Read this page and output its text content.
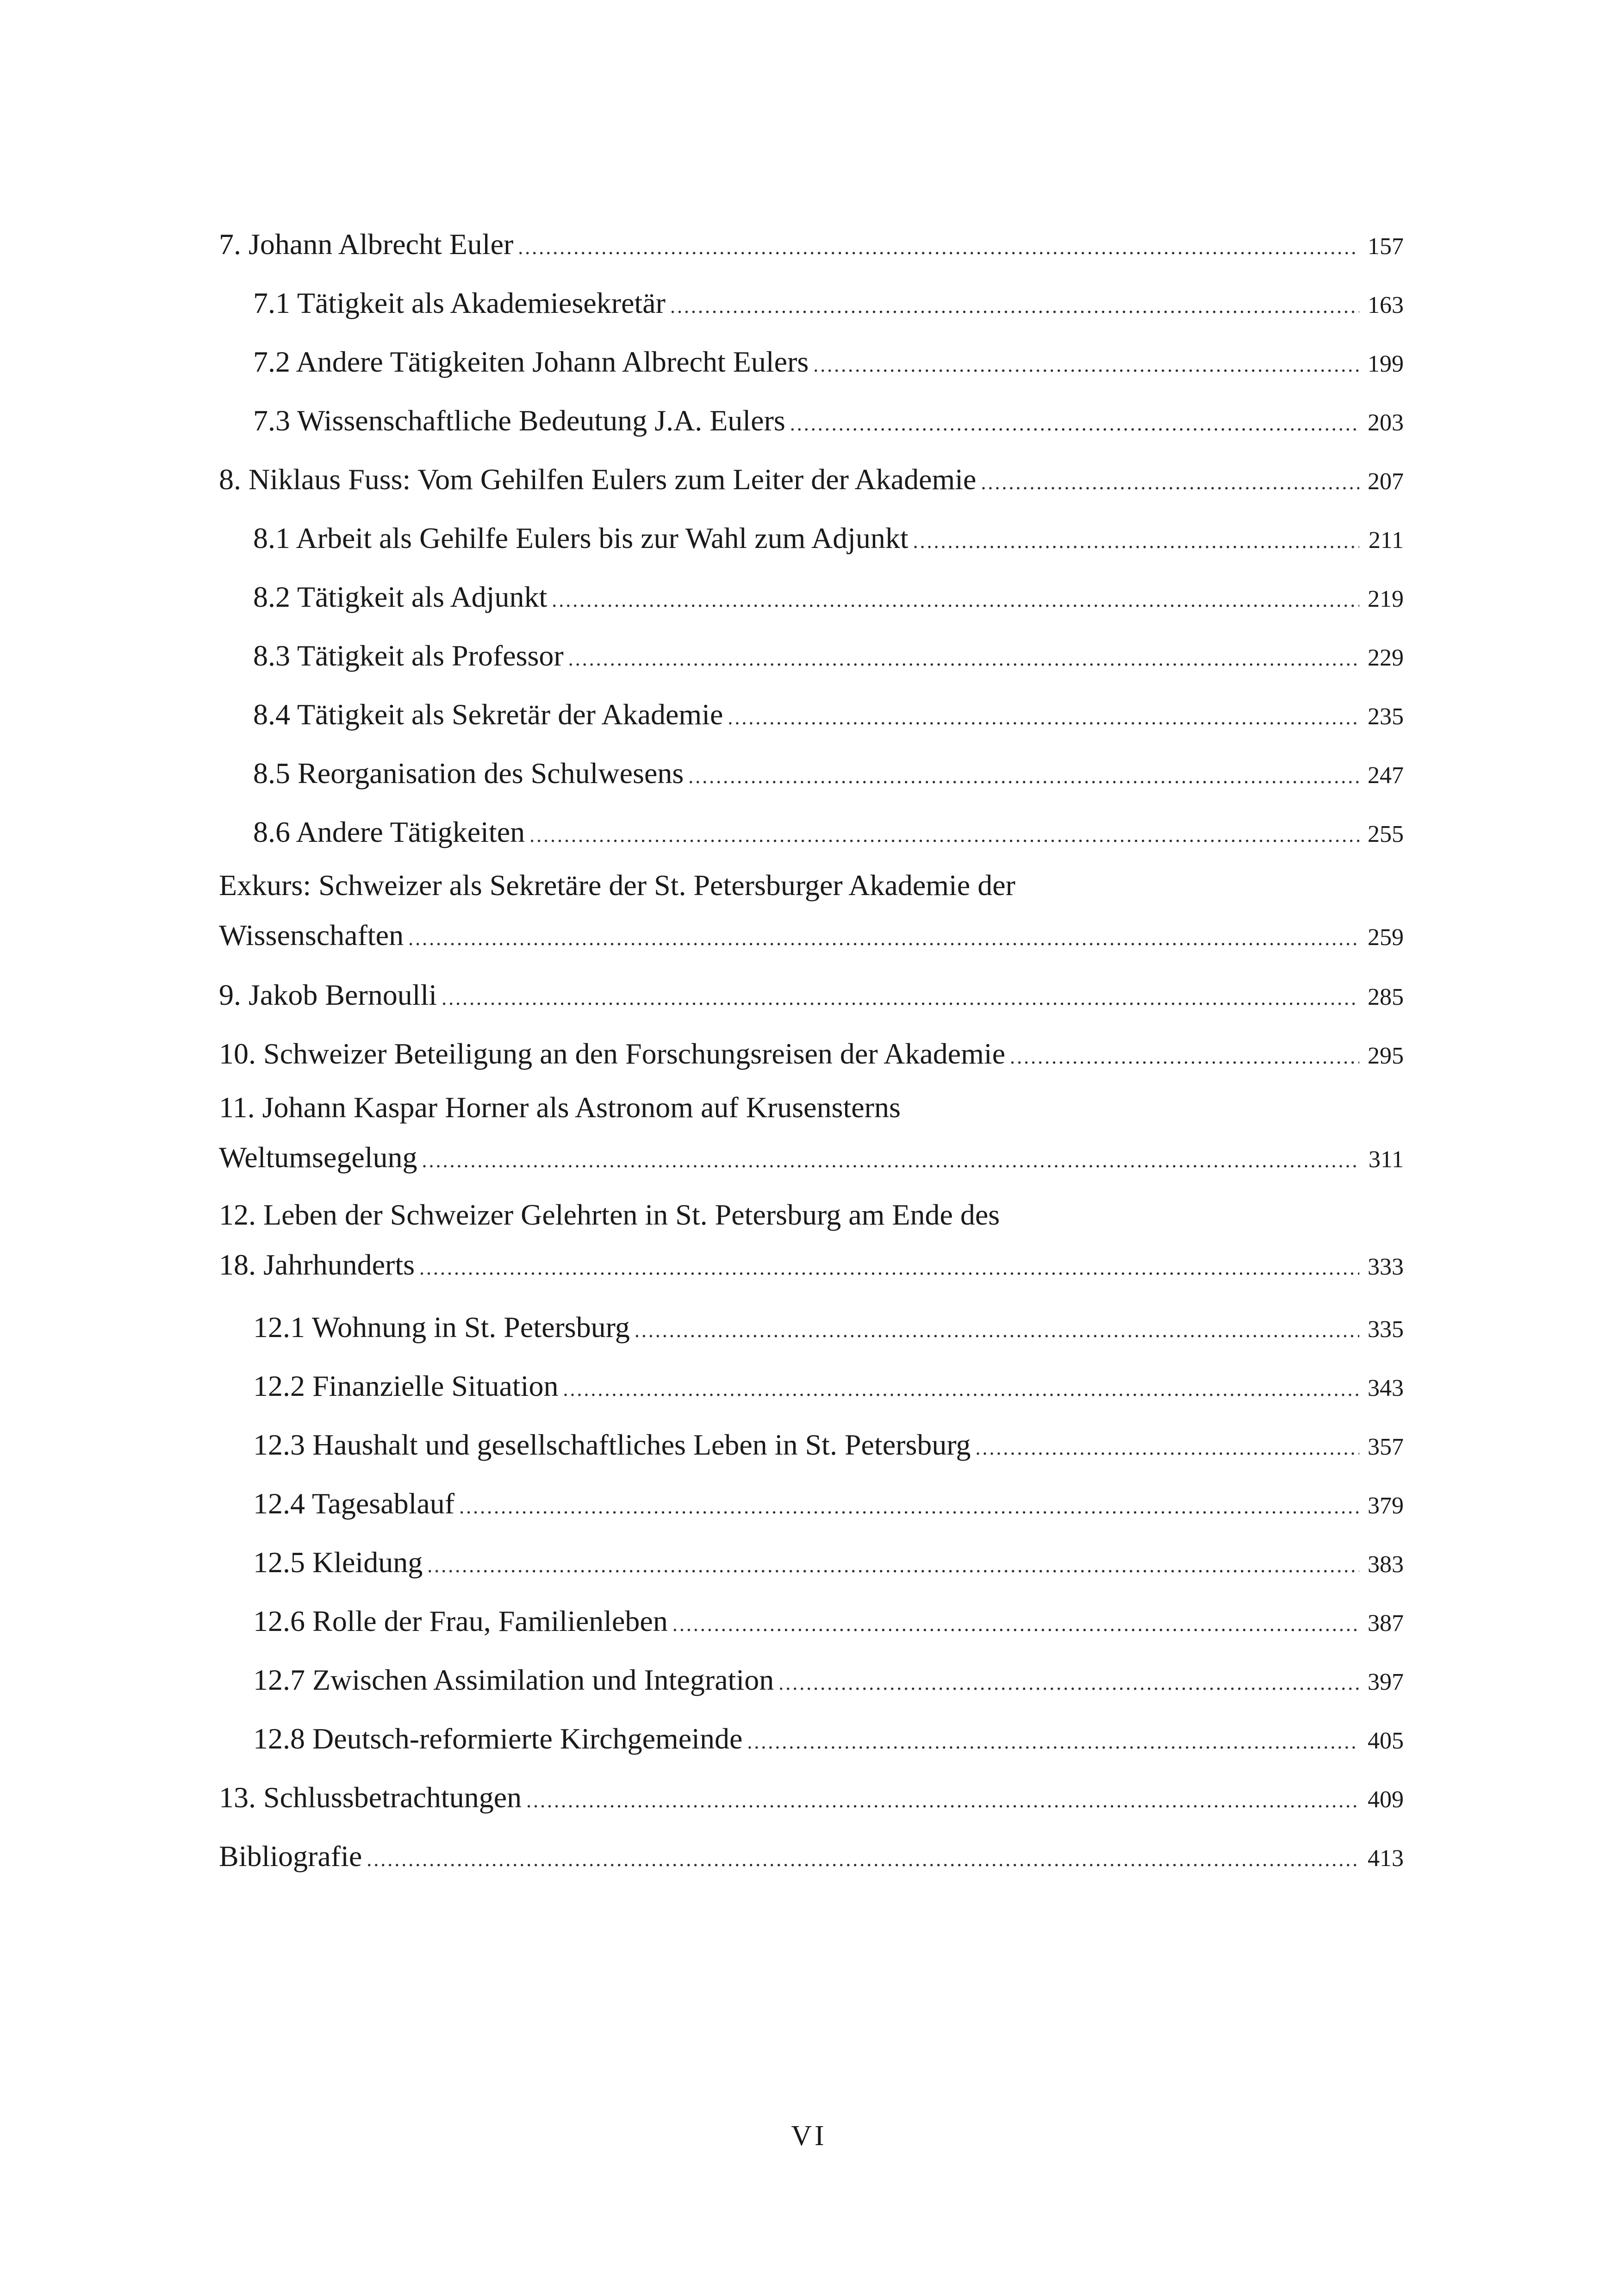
7. Johann Albrecht Euler .....	157
7.1 Tätigkeit als Akademiesekretär .....	163
7.2 Andere Tätigkeiten Johann Albrecht Eulers .....	199
7.3 Wissenschaftliche Bedeutung J.A. Eulers .....	203
8. Niklaus Fuss: Vom Gehilfen Eulers zum Leiter der Akademie .....	207
8.1 Arbeit als Gehilfe Eulers bis zur Wahl zum Adjunkt .....	211
8.2 Tätigkeit als Adjunkt .....	219
8.3 Tätigkeit als Professor .....	229
8.4 Tätigkeit als Sekretär der Akademie .....	235
8.5 Reorganisation des Schulwesens .....	247
8.6 Andere Tätigkeiten .....	255
Exkurs: Schweizer als Sekretäre der St. Petersburger Akademie der
Wissenschaften .....	259
9. Jakob Bernoulli .....	285
10. Schweizer Beteiligung an den Forschungsreisen der Akademie .....	295
11. Johann Kaspar Horner als Astronom auf Krusensterns
Weltumsegelung .....	311
12. Leben der Schweizer Gelehrten in St. Petersburg am Ende des
18. Jahrhunderts .....	333
12.1 Wohnung in St. Petersburg .....	335
12.2 Finanzielle Situation .....	343
12.3 Haushalt und gesellschaftliches Leben in St. Petersburg .....	357
12.4 Tagesablauf .....	379
12.5 Kleidung .....	383
12.6 Rolle der Frau, Familienleben .....	387
12.7 Zwischen Assimilation und Integration .....	397
12.8 Deutsch-reformierte Kirchgemeinde .....	405
13. Schlussbetrachtungen .....	409
Bibliografie .....	413
VI
